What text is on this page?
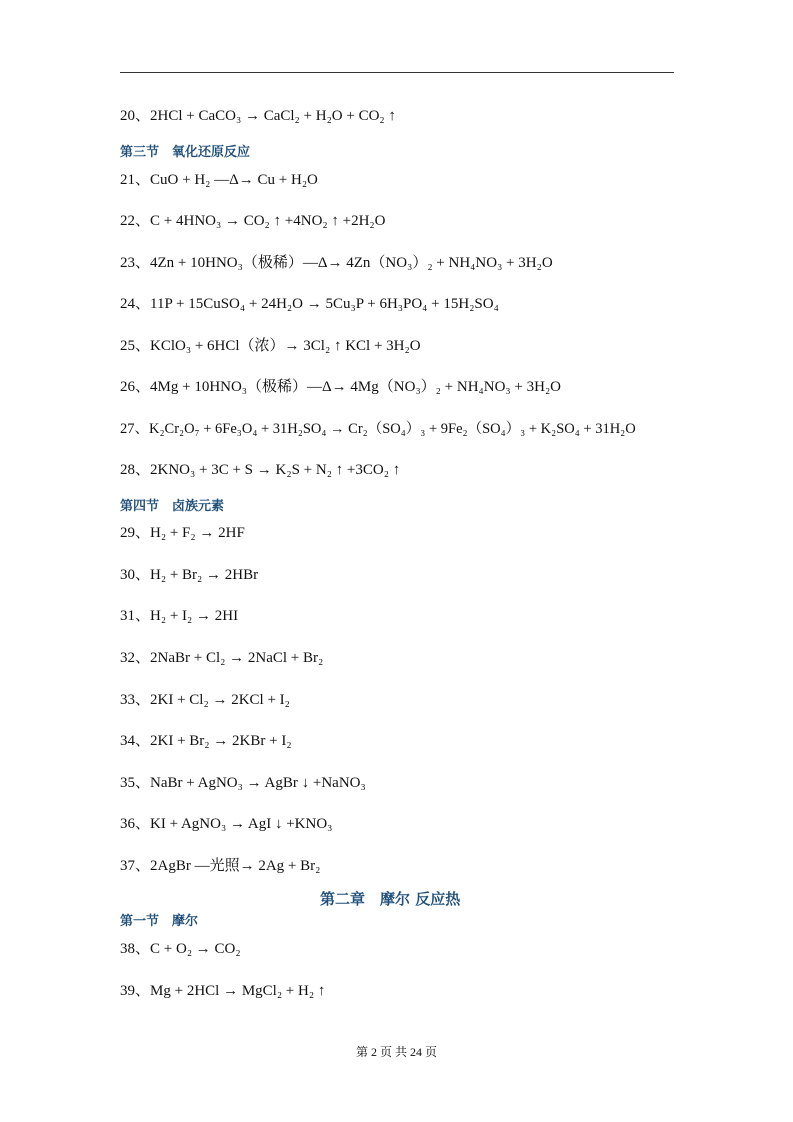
20、2HCl + CaCO₃ → CaCl₂ + H₂O + CO₂ ↑
第三节　氧化还原反应
21、CuO + H₂ —Δ→ Cu + H₂O
22、C + 4HNO₃ → CO₂ ↑ +4NO₂ ↑ +2H₂O
23、4Zn + 10HNO₃（极稀）—Δ→ 4Zn（NO₃）₂ + NH₄NO₃ + 3H₂O
24、11P + 15CuSO₄ + 24H₂O → 5Cu₃P + 6H₃PO₄ + 15H₂SO₄
25、KClO₃ + 6HCl（浓）→ 3Cl₂ ↑ KCl + 3H₂O
26、4Mg + 10HNO₃（极稀）—Δ→ 4Mg（NO₃）₂ + NH₄NO₃ + 3H₂O
27、K₂Cr₂O₇ + 6Fe₃O₄ + 31H₂SO₄ → Cr₂（SO₄）₃ + 9Fe₂（SO₄）₃ + K₂SO₄ + 31H₂O
28、2KNO₃ + 3C + S → K₂S + N₂ ↑ +3CO₂ ↑
第四节　卤族元素
29、H₂ + F₂ → 2HF
30、H₂ + Br₂ → 2HBr
31、H₂ + I₂ → 2HI
32、2NaBr + Cl₂ → 2NaCl + Br₂
33、2KI + Cl₂ → 2KCl + I₂
34、2KI + Br₂ → 2KBr + I₂
35、NaBr + AgNO₃ → AgBr ↓ +NaNO₃
36、KI + AgNO₃ → AgI ↓ +KNO₃
37、2AgBr —光照→ 2Ag + Br₂
第二章　摩尔 反应热
第一节　摩尔
38、C + O₂ → CO₂
39、Mg + 2HCl → MgCl₂ + H₂ ↑
第 2 页 共 24 页
